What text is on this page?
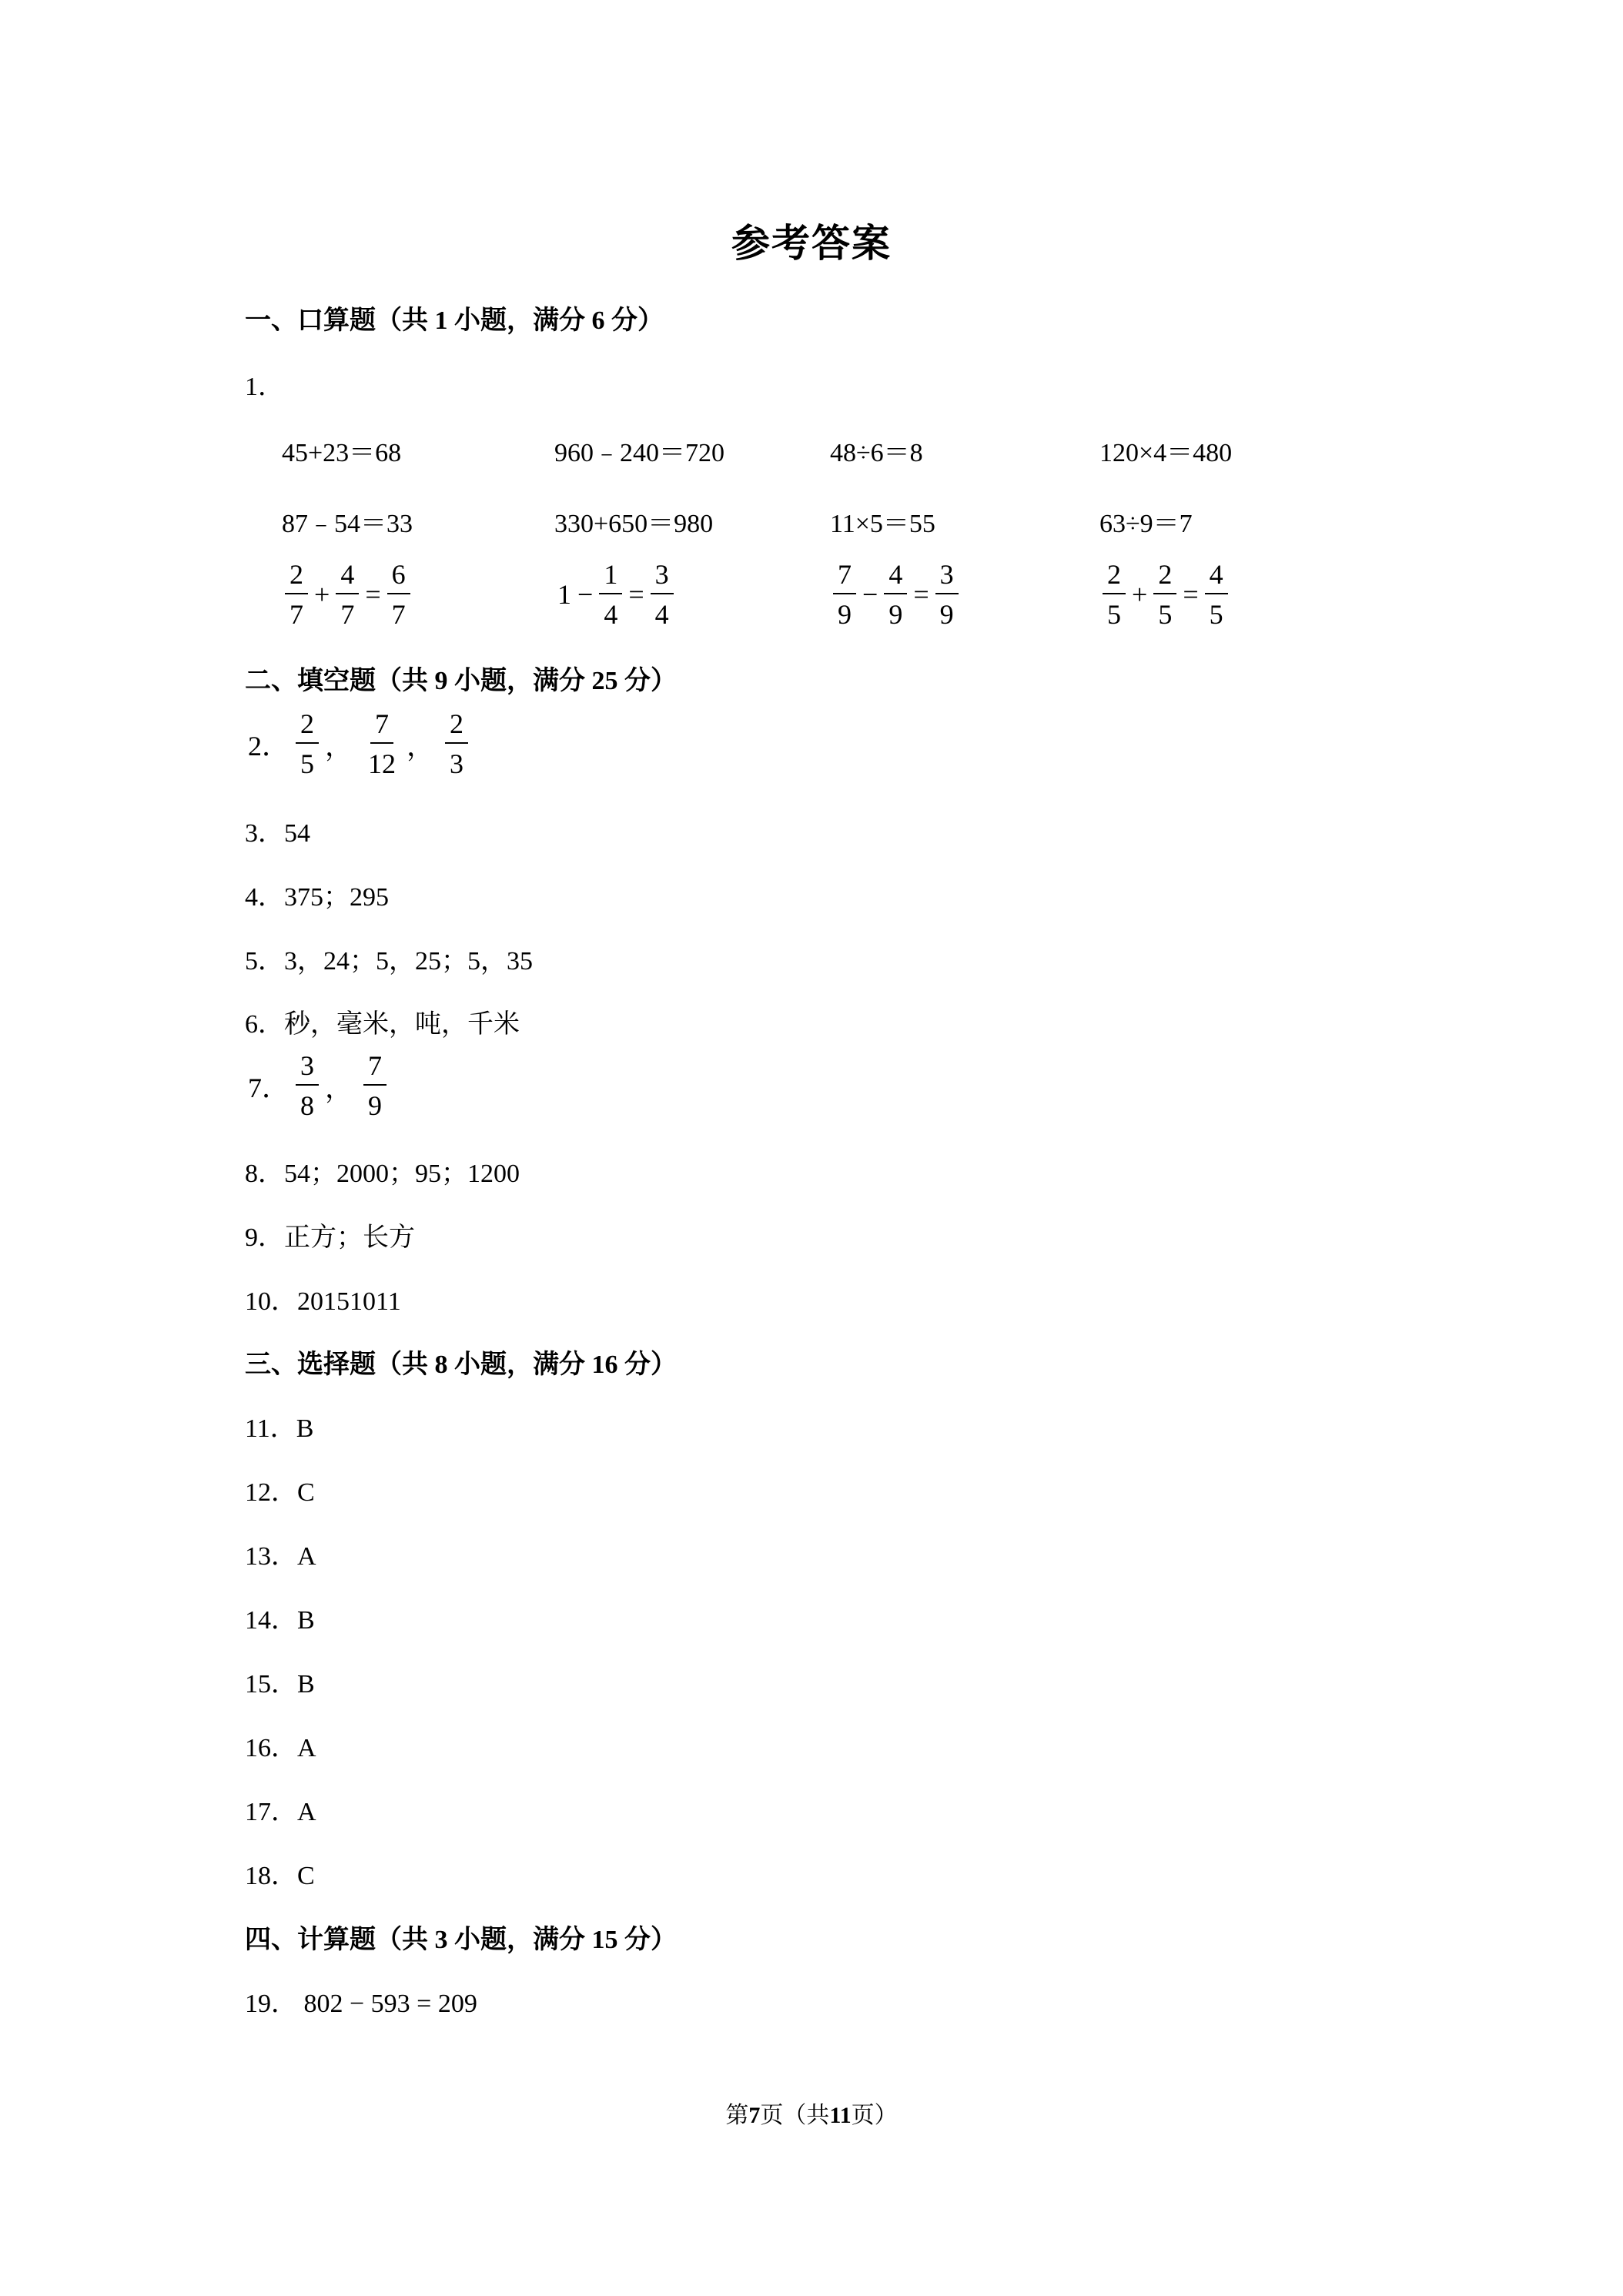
参考答案
一、口算题（共 1 小题，满分 6 分）
1．
45+23＝68	960﹣240＝720	48÷6＝8	120×4＝480
87﹣54＝33	330+650＝980	11×5＝55	63÷9＝7
$\frac{2}{7} + \frac{4}{7} = \frac{6}{7}$	$1 - \frac{1}{4} = \frac{3}{4}$	$\frac{7}{9} - \frac{4}{9} = \frac{3}{9}$	$\frac{2}{5} + \frac{2}{5} = \frac{4}{5}$
二、填空题（共 9 小题，满分 25 分）
2． $\frac{2}{5}$ ， $\frac{7}{12}$ ， $\frac{2}{3}$
3．54
4．375；295
5．3，24；5，25；5，35
6．秒，毫米，吨，千米
7． $\frac{3}{8}$ ， $\frac{7}{9}$
8．54；2000；95；1200
9．正方；长方
10．20151011
三、选择题（共 8 小题，满分 16 分）
11．B
12．C
13．A
14．B
15．B
16．A
17．A
18．C
四、计算题（共 3 小题，满分 15 分）
19． 802 − 593 = 209
第7页（共11页）
